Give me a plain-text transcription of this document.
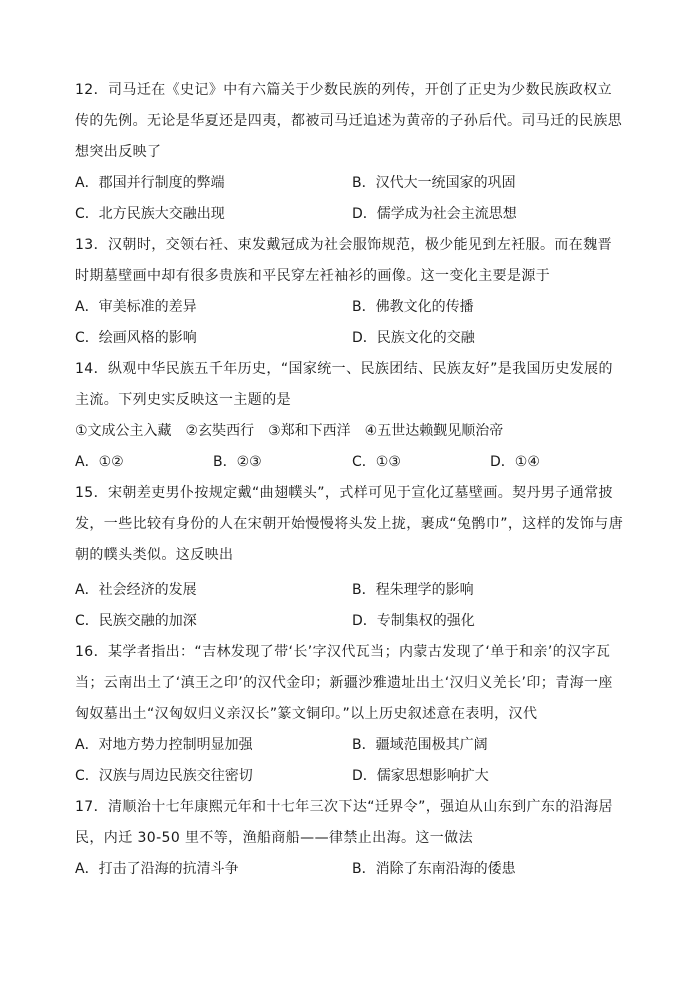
12．司马迁在《史记》中有六篇关于少数民族的列传，开创了正史为少数民族政权立传的先例。无论是华夏还是四夷，都被司马迁追述为黄帝的子孙后代。司马迁的民族思想突出反映了
A．郡国并行制度的弊端	B．汉代大一统国家的巩固
C．北方民族大交融出现	D．儒学成为社会主流思想
13．汉朝时，交领右衽、束发戴冠成为社会服饰规范，极少能见到左衽服。而在魏晋时期墓壁画中却有很多贵族和平民穿左衽袖衫的画像。这一变化主要是源于
A．审美标准的差异	B．佛教文化的传播
C．绘画风格的影响	D．民族文化的交融
14．纵观中华民族五千年历史，“国家统一、民族团结、民族友好”是我国历史发展的主流。下列史实反映这一主题的是
①文成公主入藏　②玄奘西行　③郑和下西洋　④五世达赖觐见顺治帝
A．①②	B．②③	C．①③	D．①④
15．宋朝差吏男仆按规定戴“曲翅幞头”，式样可见于宣化辽墓壁画。契丹男子通常披发，一些比较有身份的人在宋朝开始慢慢将头发上拢，裹成“兔鹘巾”，这样的发饰与唐朝的幞头类似。这反映出
A．社会经济的发展	B．程朱理学的影响
C．民族交融的加深	D．专制集权的强化
16．某学者指出：“吉林发现了带‘长’字汉代瓦当；内蒙古发现了‘单于和亲’的汉字瓦当；云南出土了‘滇王之印’的汉代金印；新疆沙雅遗址出土‘汉归义羌长’印；青海一座匈奴墓出土“汉匈奴归义亲汉长”篆文铜印。”以上历史叙述意在表明，汉代
A．对地方势力控制明显加强	B．疆域范围极其广阔
C．汉族与周边民族交往密切	D．儒家思想影响扩大
17．清顺治十七年康熙元年和十七年三次下达“迁界令”，强迫从山东到广东的沿海居民，内迁 30-50 里不等，渔船商船——律禁止出海。这一做法
A．打击了沿海的抗清斗争	B．消除了东南沿海的倭患
